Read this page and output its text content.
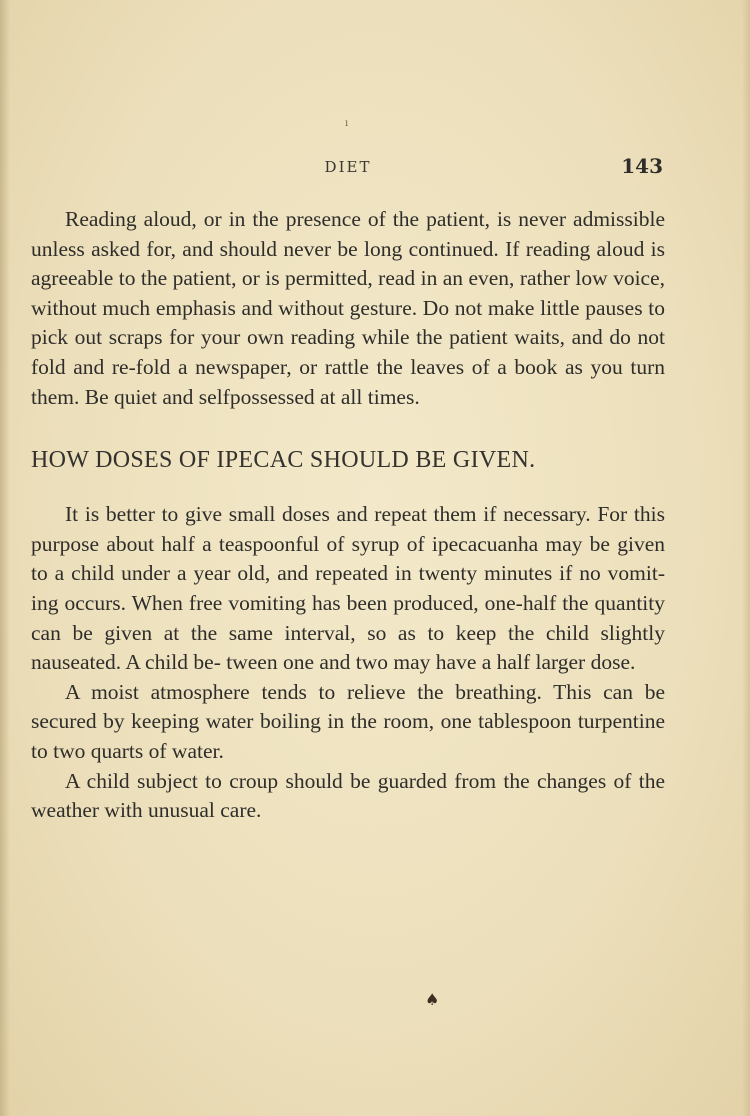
DIET	143

Reading aloud, or in the presence of the patient, is never admissible unless asked for, and should never be long continued. If reading aloud is agreeable to the patient, or is permitted, read in an even, rather low voice, without much emphasis and without gesture. Do not make little pauses to pick out scraps for your own reading while the patient waits, and do not fold and re-fold a newspaper, or rattle the leaves of a book as you turn them. Be quiet and selfpossessed at all times.

HOW DOSES OF IPECAC SHOULD BE GIVEN.

It is better to give small doses and repeat them if necessary. For this purpose about half a teaspoonful of syrup of ipecacuanha may be given to a child under a year old, and repeated in twenty minutes if no vomit- ing occurs. When free vomiting has been produced, one-half the quantity can be given at the same interval, so as to keep the child slightly nauseated. A child be- tween one and two may have a half larger dose.

A moist atmosphere tends to relieve the breathing. This can be secured by keeping water boiling in the room, one tablespoon turpentine to two quarts of water.

A child subject to croup should be guarded from the changes of the weather with unusual care.

♠
ı
